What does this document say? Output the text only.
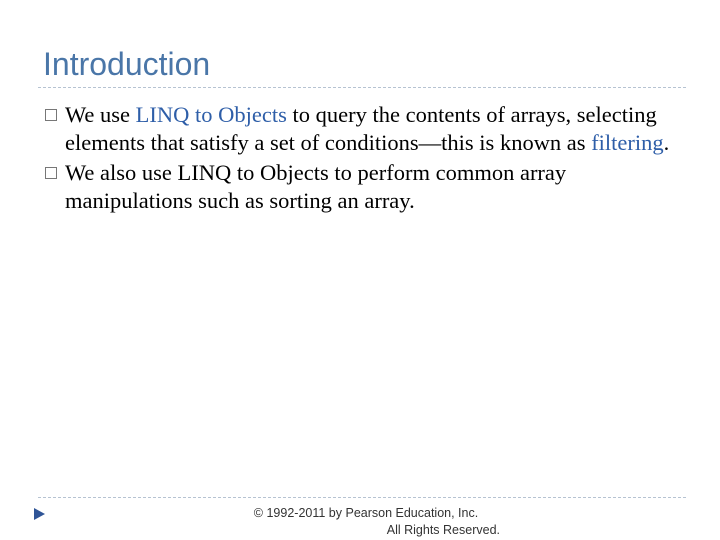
Introduction
We use LINQ to Objects to query the contents of arrays, selecting elements that satisfy a set of conditions—this is known as filtering.
We also use LINQ to Objects to perform common array manipulations such as sorting an array.
© 1992-2011 by Pearson Education, Inc.
All Rights Reserved.
